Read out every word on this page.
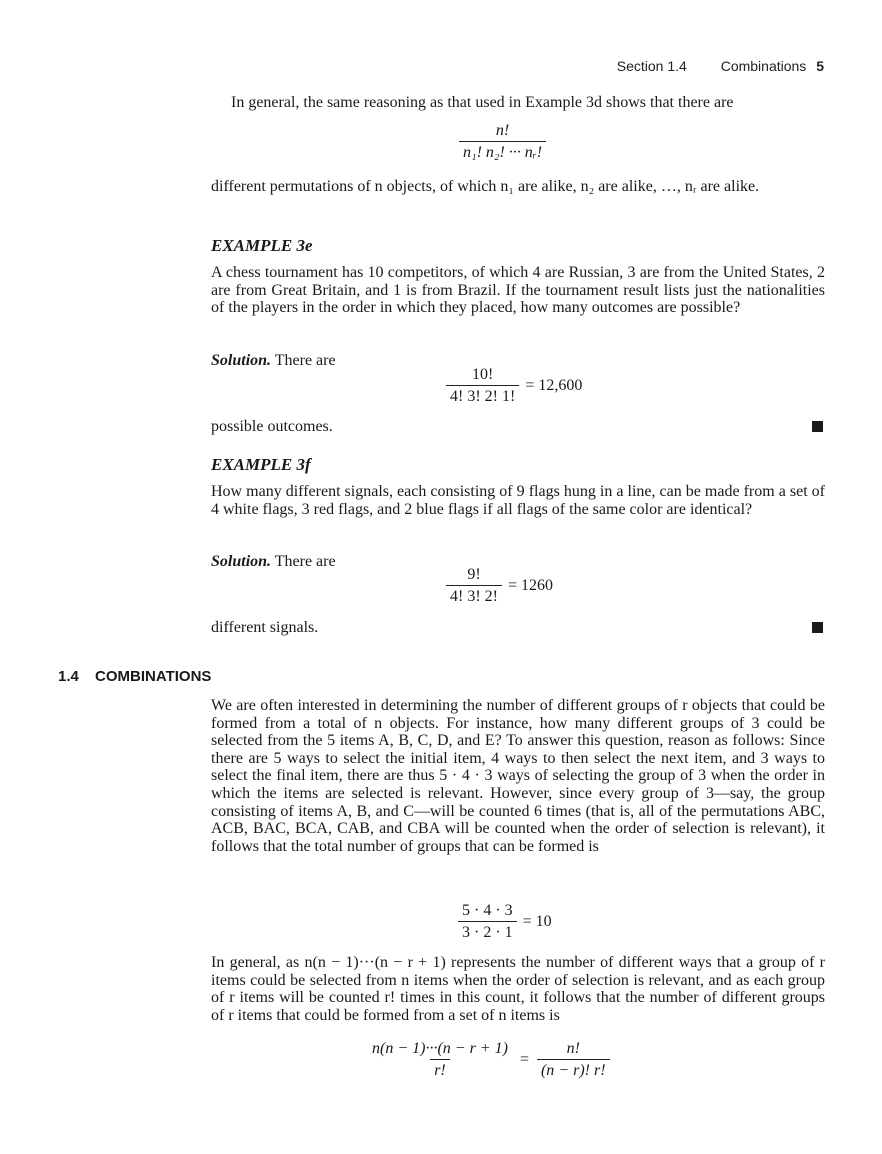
Section 1.4 Combinations 5
In general, the same reasoning as that used in Example 3d shows that there are
$\frac{n!}{\text{n₁! n₂! ··· nᵣ!}}$
different permutations of n objects, of which n₁ are alike, n₂ are alike, …, nᵣ are alike.
EXAMPLE 3e
A chess tournament has 10 competitors, of which 4 are Russian, 3 are from the United States, 2 are from Great Britain, and 1 is from Brazil. If the tournament result lists just the nationalities of the players in the order in which they placed, how many outcomes are possible?
Solution. There are
$\frac{10!}{4! 3! 2! 1!} = 12,600$
possible outcomes.
EXAMPLE 3f
How many different signals, each consisting of 9 flags hung in a line, can be made from a set of 4 white flags, 3 red flags, and 2 blue flags if all flags of the same color are identical?
Solution. There are
$\frac{9!}{4! 3! 2!} = 1260$
different signals.
1.4 COMBINATIONS
We are often interested in determining the number of different groups of r objects that could be formed from a total of n objects. For instance, how many different groups of 3 could be selected from the 5 items A, B, C, D, and E? To answer this question, reason as follows: Since there are 5 ways to select the initial item, 4 ways to then select the next item, and 3 ways to select the final item, there are thus 5 · 4 · 3 ways of selecting the group of 3 when the order in which the items are selected is relevant. However, since every group of 3—say, the group consisting of items A, B, and C—will be counted 6 times (that is, all of the permutations ABC, ACB, BAC, BCA, CAB, and CBA will be counted when the order of selection is relevant), it follows that the total number of groups that can be formed is
$\frac{5 \cdot 4 \cdot 3}{3 \cdot 2 \cdot 1} = 10$
In general, as n(n − 1)···(n − r + 1) represents the number of different ways that a group of r items could be selected from n items when the order of selection is relevant, and as each group of r items will be counted r! times in this count, it follows that the number of different groups of r items that could be formed from a set of n items is
$\frac{n(n - 1)\cdot\cdot\cdot(n - r + 1)}{r!} = \frac{n!}{(n - r)! r!}$
